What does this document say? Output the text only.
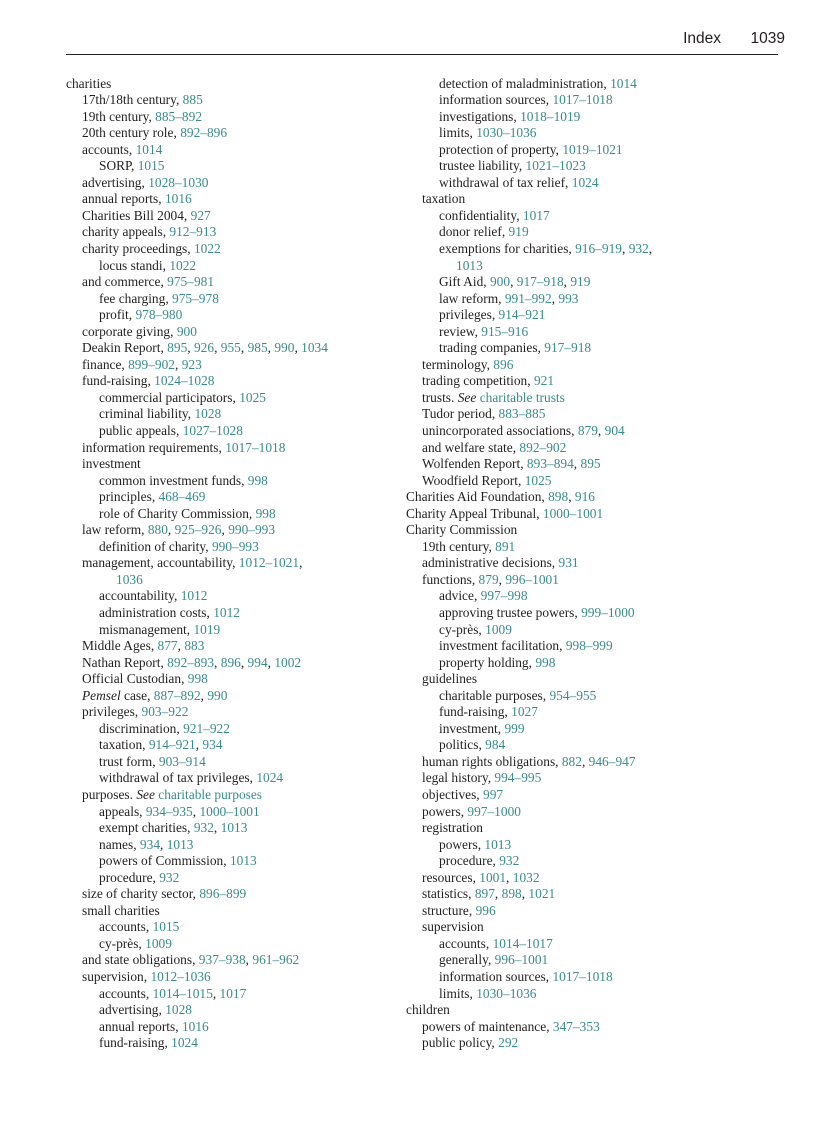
Index 1039
charities
17th/18th century, 885
19th century, 885–892
20th century role, 892–896
accounts, 1014
SORP, 1015
advertising, 1028–1030
annual reports, 1016
Charities Bill 2004, 927
charity appeals, 912–913
charity proceedings, 1022
locus standi, 1022
and commerce, 975–981
fee charging, 975–978
profit, 978–980
corporate giving, 900
Deakin Report, 895, 926, 955, 985, 990, 1034
finance, 899–902, 923
fund-raising, 1024–1028
commercial participators, 1025
criminal liability, 1028
public appeals, 1027–1028
information requirements, 1017–1018
investment
common investment funds, 998
principles, 468–469
role of Charity Commission, 998
law reform, 880, 925–926, 990–993
definition of charity, 990–993
management, accountability, 1012–1021,
1036
accountability, 1012
administration costs, 1012
mismanagement, 1019
Middle Ages, 877, 883
Nathan Report, 892–893, 896, 994, 1002
Official Custodian, 998
Pemsel case, 887–892, 990
privileges, 903–922
discrimination, 921–922
taxation, 914–921, 934
trust form, 903–914
withdrawal of tax privileges, 1024
purposes. See charitable purposes
appeals, 934–935, 1000–1001
exempt charities, 932, 1013
names, 934, 1013
powers of Commission, 1013
procedure, 932
size of charity sector, 896–899
small charities
accounts, 1015
cy-près, 1009
and state obligations, 937–938, 961–962
supervision, 1012–1036
accounts, 1014–1015, 1017
advertising, 1028
annual reports, 1016
fund-raising, 1024
detection of maladministration, 1014
information sources, 1017–1018
investigations, 1018–1019
limits, 1030–1036
protection of property, 1019–1021
trustee liability, 1021–1023
withdrawal of tax relief, 1024
taxation
confidentiality, 1017
donor relief, 919
exemptions for charities, 916–919, 932,
1013
Gift Aid, 900, 917–918, 919
law reform, 991–992, 993
privileges, 914–921
review, 915–916
trading companies, 917–918
terminology, 896
trading competition, 921
trusts. See charitable trusts
Tudor period, 883–885
unincorporated associations, 879, 904
and welfare state, 892–902
Wolfenden Report, 893–894, 895
Woodfield Report, 1025
Charities Aid Foundation, 898, 916
Charity Appeal Tribunal, 1000–1001
Charity Commission
19th century, 891
administrative decisions, 931
functions, 879, 996–1001
advice, 997–998
approving trustee powers, 999–1000
cy-près, 1009
investment facilitation, 998–999
property holding, 998
guidelines
charitable purposes, 954–955
fund-raising, 1027
investment, 999
politics, 984
human rights obligations, 882, 946–947
legal history, 994–995
objectives, 997
powers, 997–1000
registration
powers, 1013
procedure, 932
resources, 1001, 1032
statistics, 897, 898, 1021
structure, 996
supervision
accounts, 1014–1017
generally, 996–1001
information sources, 1017–1018
limits, 1030–1036
children
powers of maintenance, 347–353
public policy, 292
